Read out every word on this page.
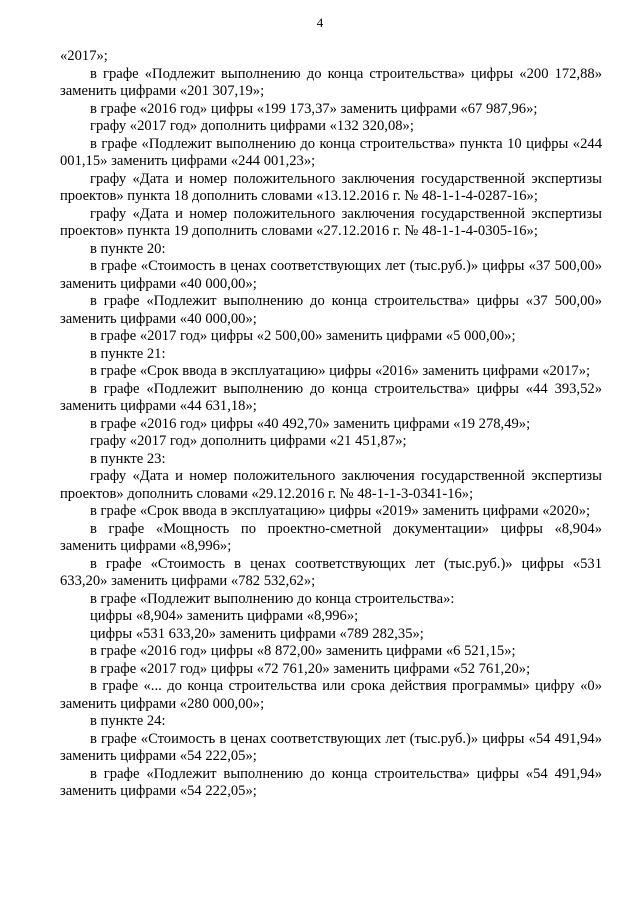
4

«2017»;

в графе «Подлежит выполнению до конца строительства» цифры «200 172,88» заменить цифрами «201 307,19»;

в графе «2016 год» цифры «199 173,37» заменить цифрами «67 987,96»;

графу «2017 год» дополнить цифрами «132 320,08»;

в графе «Подлежит выполнению до конца строительства» пункта 10 цифры «244 001,15» заменить цифрами «244 001,23»;

графу «Дата и номер положительного заключения государственной экспертизы проектов» пункта 18 дополнить словами «13.12.2016 г. № 48-1-1-4-0287-16»;

графу «Дата и номер положительного заключения государственной экспертизы проектов» пункта 19 дополнить словами «27.12.2016 г. № 48-1-1-4-0305-16»;

в пункте 20:

в графе «Стоимость в ценах соответствующих лет (тыс.руб.)» цифры «37 500,00» заменить цифрами «40 000,00»;

в графе «Подлежит выполнению до конца строительства» цифры «37 500,00» заменить цифрами «40 000,00»;

в графе «2017 год» цифры «2 500,00» заменить цифрами «5 000,00»;

в пункте 21:

в графе «Срок ввода в эксплуатацию» цифры «2016» заменить цифрами «2017»;

в графе «Подлежит выполнению до конца строительства» цифры «44 393,52» заменить цифрами «44 631,18»;

в графе «2016 год» цифры «40 492,70» заменить цифрами «19 278,49»;

графу «2017 год» дополнить цифрами «21 451,87»;

в пункте 23:

графу «Дата и номер положительного заключения государственной экспертизы проектов» дополнить словами «29.12.2016 г. № 48-1-1-3-0341-16»;

в графе «Срок ввода в эксплуатацию» цифры «2019» заменить цифрами «2020»;

в графе «Мощность по проектно-сметной документации» цифры «8,904» заменить цифрами «8,996»;

в графе «Стоимость в ценах соответствующих лет (тыс.руб.)» цифры «531 633,20» заменить цифрами «782 532,62»;

в графе «Подлежит выполнению до конца строительства»:

цифры «8,904» заменить цифрами «8,996»;

цифры «531 633,20» заменить цифрами «789 282,35»;

в графе «2016 год» цифры «8 872,00» заменить цифрами «6 521,15»;

в графе «2017 год» цифры «72 761,20» заменить цифрами «52 761,20»;

в графе «... до конца строительства или срока действия программы» цифру «0» заменить цифрами «280 000,00»;

в пункте 24:

в графе «Стоимость в ценах соответствующих лет (тыс.руб.)» цифры «54 491,94» заменить цифрами «54 222,05»;

в графе «Подлежит выполнению до конца строительства» цифры «54 491,94» заменить цифрами «54 222,05»;
